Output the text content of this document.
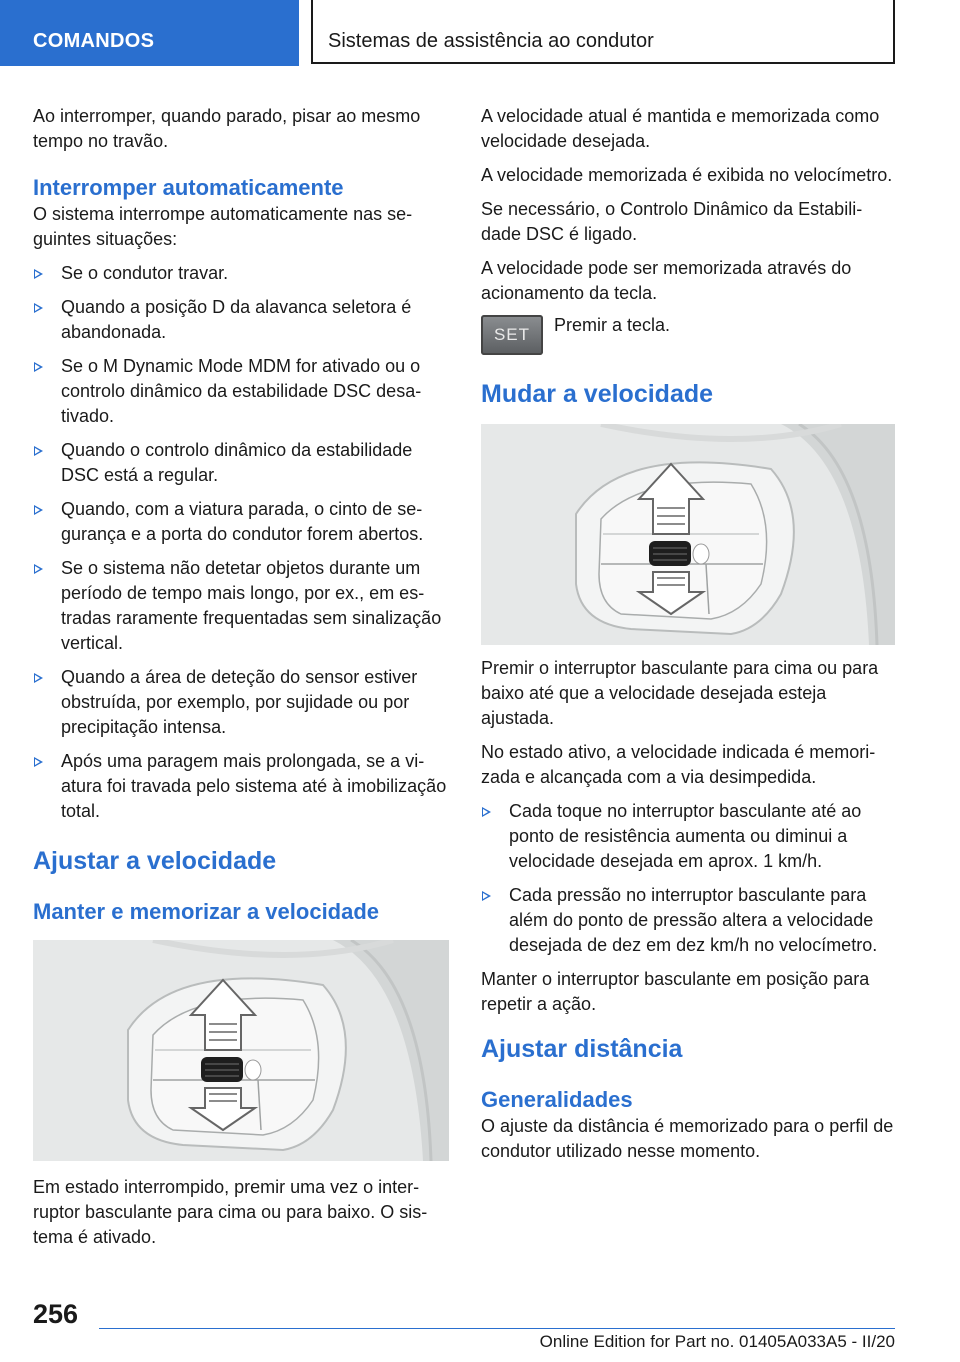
COMANDOS	Sistemas de assistência ao condutor

Ao interromper, quando parado, pisar ao mesmo tempo no travão.

Interromper automaticamente

O sistema interrompe automaticamente nas seguintes situações:

Se o condutor travar.
Quando a posição D da alavanca seletora é abandonada.
Se o M Dynamic Mode MDM for ativado ou o controlo dinâmico da estabilidade DSC desativado.
Quando o controlo dinâmico da estabilidade DSC está a regular.
Quando, com a viatura parada, o cinto de segurança e a porta do condutor forem abertos.
Se o sistema não detetar objetos durante um período de tempo mais longo, por ex., em estradas raramente frequentadas sem sinalização vertical.
Quando a área de deteção do sensor estiver obstruída, por exemplo, por sujidade ou por precipitação intensa.
Após uma paragem mais prolongada, se a viatura foi travada pelo sistema até à imobilização total.
Ajustar a velocidade
Manter e memorizar a velocidade

Em estado interrompido, premir uma vez o interruptor basculante para cima ou para baixo. O sistema é ativado.

A velocidade atual é mantida e memorizada como velocidade desejada.

A velocidade memorizada é exibida no velocímetro.

Se necessário, o Controlo Dinâmico da Estabilidade DSC é ligado.

A velocidade pode ser memorizada através do acionamento da tecla.

SET	Premir a tecla.
Mudar a velocidade

Premir o interruptor basculante para cima ou para baixo até que a velocidade desejada esteja ajustada.

No estado ativo, a velocidade indicada é memorizada e alcançada com a via desimpedida.

Cada toque no interruptor basculante até ao ponto de resistência aumenta ou diminui a velocidade desejada em aprox. 1 km/h.
Cada pressão no interruptor basculante para além do ponto de pressão altera a velocidade desejada de dez em dez km/h no velocímetro.

Manter o interruptor basculante em posição para repetir a ação.

Ajustar distância
Generalidades

O ajuste da distância é memorizado para o perfil de condutor utilizado nesse momento.

256
Online Edition for Part no. 01405A033A5 - II/20
